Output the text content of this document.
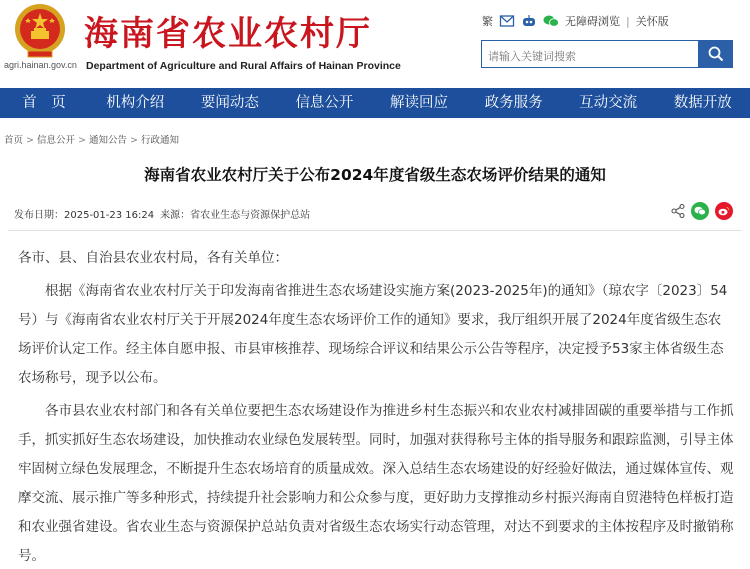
agri.hainan.gov.cn
海南省农业农村厅
Department of Agriculture and Rural Affairs of Hainan Province
繁	无障碍浏览 | 关怀版
请输入关键词搜索
首　页	机构介绍	要闻动态	信息公开	解读回应	政务服务	互动交流	数据开放
首页 > 信息公开 > 通知公告 > 行政通知
海南省农业农村厅关于公布2024年度省级生态农场评价结果的通知
发布日期：2025-01-23 16:24 来源：省农业生态与资源保护总站

各市、县、自治县农业农村局，各有关单位：

根据《海南省农业农村厅关于印发海南省推进生态农场建设实施方案(2023-2025年)的通知》（琼农字〔2023〕54号）与《海南省农业农村厅关于开展2024年度生态农场评价工作的通知》要求，我厅组织开展了2024年度省级生态农场评价认定工作。经主体自愿申报、市县审核推荐、现场综合评议和结果公示公告等程序，决定授予53家主体省级生态农场称号，现予以公布。

各市县农业农村部门和各有关单位要把生态农场建设作为推进乡村生态振兴和农业农村减排固碳的重要举措与工作抓手，抓实抓好生态农场建设，加快推动农业绿色发展转型。同时，加强对获得称号主体的指导服务和跟踪监测，引导主体牢固树立绿色发展理念，不断提升生态农场培育的质量成效。深入总结生态农场建设的好经验好做法，通过媒体宣传、观摩交流、展示推广等多种形式，持续提升社会影响力和公众参与度，更好助力支撑推动乡村振兴海南自贸港特色样板打造和农业强省建设。省农业生态与资源保护总站负责对省级生态农场实行动态管理，对达不到要求的主体按程序及时撤销称号。
